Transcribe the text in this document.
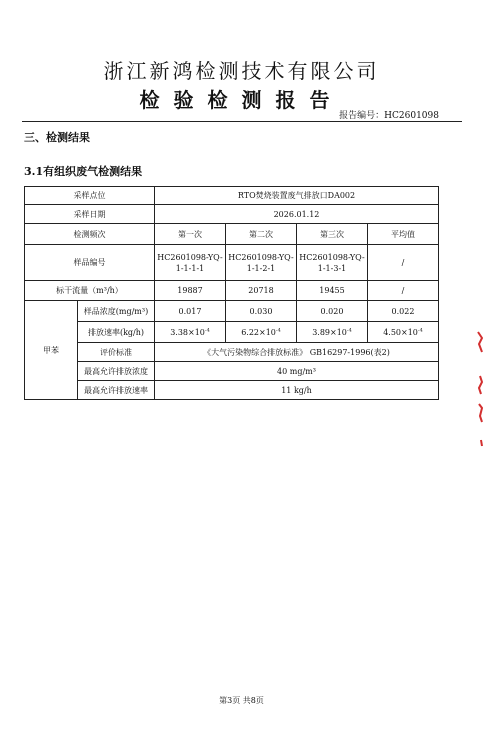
浙江新鸿检测技术有限公司
检验检测报告
报告编号：HC2601098
三、检测结果
3.1有组织废气检测结果
采样点位		RTO焚烧装置废气排放口DA002			
采样日期		2026.01.12			
检测频次		第一次	第二次	第三次	平均值
样品编号		HC2601098-YQ-1-1-1-1	HC2601098-YQ-1-1-2-1	HC2601098-YQ-1-1-3-1	/
标干流量（m³/h）		19887	20718	19455	/
甲苯	样品浓度(mg/m³)	0.017	0.030	0.020	0.022
	排放速率(kg/h)	$3.38\times 10^{-4}$	$6.22\times 10^{-4}$	$3.89\times 10^{-4}$	$4.50\times 10^{-4}$
	评价标准	《大气污染物综合排放标准》 GB16297-1996(表2)			
	最高允许排放浓度	40 mg/m³			
	最高允许排放速率	11 kg/h			
第3页 共8页
